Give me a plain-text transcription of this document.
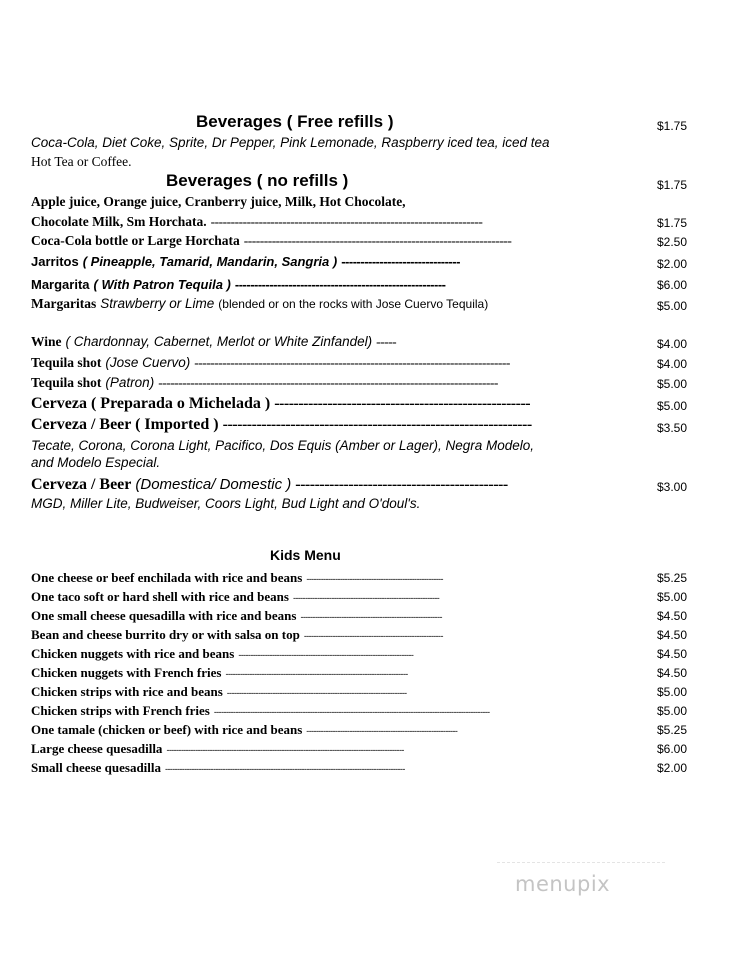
Beverages ( Free refills )	$1.75
Coca-Cola, Diet Coke, Sprite, Dr Pepper, Pink Lemonade, Raspberry iced tea, iced tea
Hot Tea or Coffee.
Beverages ( no refills )	$1.75
Apple juice, Orange juice, Cranberry juice, Milk, Hot Chocolate,
Chocolate Milk, Sm Horchata. --------------------------------------------------------------------	$1.75
Coca-Cola bottle or Large Horchata -------------------------------------------------------------------	$2.50
Jarritos ( Pineapple, Tamarid, Mandarin, Sangria ) -------------------------------	$2.00
Margarita ( With Patron Tequila ) -------------------------------------------------------	$6.00
Margaritas Strawberry or Lime (blended or on the rocks with Jose Cuervo Tequila)	$5.00
Wine ( Chardonnay, Cabernet, Merlot or White Zinfandel) -----	$4.00
Tequila shot (Jose Cuervo) -------------------------------------------------------------------------------	$4.00
Tequila shot (Patron) -------------------------------------------------------------------------------------	$5.00
Cerveza ( Preparada o Michelada ) -----------------------------------------------------	$5.00
Cerveza / Beer ( Imported ) ----------------------------------------------------------------	$3.50
Tecate, Corona, Corona Light, Pacifico, Dos Equis (Amber or Lager), Negra Modelo,
and Modelo Especial.
Cerveza / Beer (Domestica/ Domestic ) --------------------------------------------	$3.00
MGD, Miller Lite, Budweiser, Coors Light, Bud Light and O'doul's.
Kids Menu
One cheese or beef enchilada with rice and beans ---------------------------------------------------------	$5.25
One taco soft or hard shell with rice and beans -------------------------------------------------------------	$5.00
One small cheese quesadilla with rice and beans -----------------------------------------------------------	$4.50
Bean and cheese burrito dry or with salsa on top ----------------------------------------------------------	$4.50
Chicken nuggets with rice and beans -------------------------------------------------------------------------	$4.50
Chicken nuggets with French fries ----------------------------------------------------------------------------	$4.50
Chicken strips with rice and beans ---------------------------------------------------------------------------	$5.00
Chicken strips with French fries -------------------------------------------------------------------------------------------------------------------	$5.00
One tamale (chicken or beef) with rice and beans ---------------------------------------------------------------	$5.25
Large cheese quesadilla ---------------------------------------------------------------------------------------------------	$6.00
Small cheese quesadilla ----------------------------------------------------------------------------------------------------	$2.00
menupix
